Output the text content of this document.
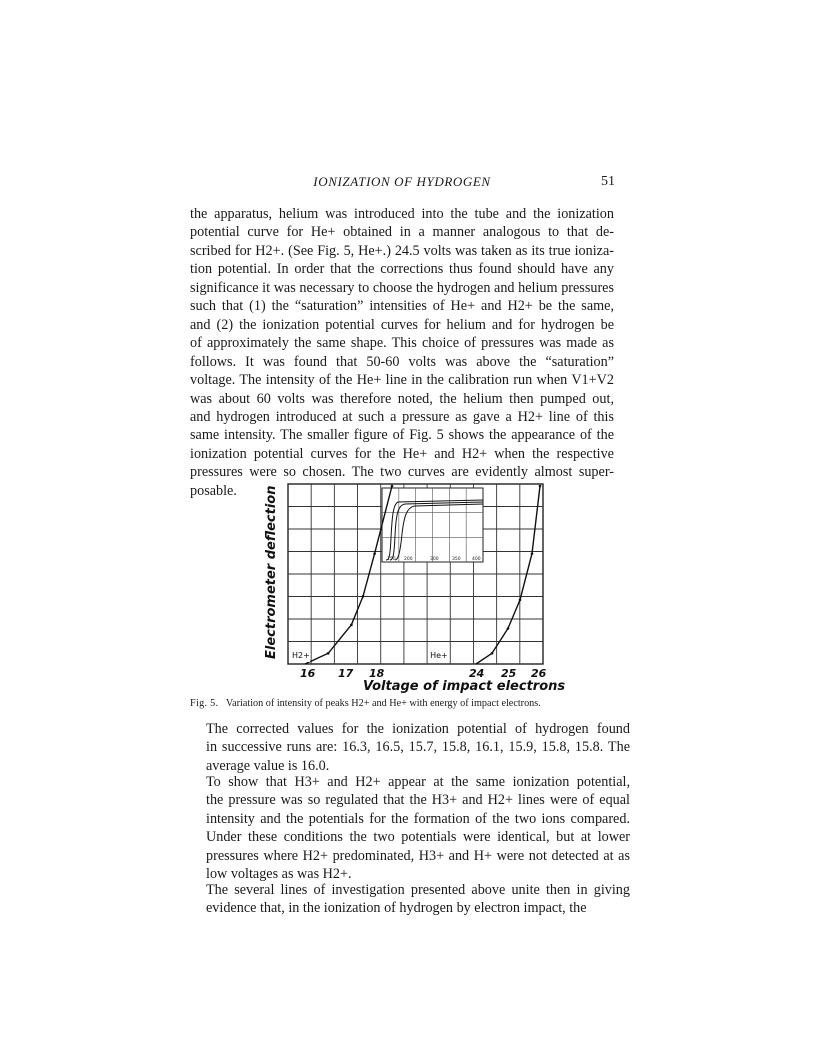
IONIZATION OF HYDROGEN	51
the apparatus, helium was introduced into the tube and the ionization
potential curve for He+ obtained in a manner analogous to that de-
scribed for H2+. (See Fig. 5, He+.) 24.5 volts was taken as its true ioniza-
tion potential. In order that the corrections thus found should have any
significance it was necessary to choose the hydrogen and helium pressures
such that (1) the “saturation” intensities of He+ and H2+ be the same,
and (2) the ionization potential curves for helium and for hydrogen be
of approximately the same shape. This choice of pressures was made as
follows. It was found that 50-60 volts was above the “saturation”
voltage. The intensity of the He+ line in the calibration run when V1+V2
was about 60 volts was therefore noted, the helium then pumped out,
and hydrogen introduced at such a pressure as gave a H2+ line of this
same intensity. The smaller figure of Fig. 5 shows the appearance of the
ionization potential curves for the He+ and H2+ when the respective
pressures were so chosen. The two curves are evidently almost super-
posable.
150 200	300	350	400
Electrometer deflection H2+	He+
16 17 18	24 25 26
Voltage of impact electrons
Fig. 5. Variation of intensity of peaks H2+ and He+ with energy of impact electrons.
The corrected values for the ionization potential of hydrogen found
in successive runs are: 16.3, 16.5, 15.7, 15.8, 16.1, 15.9, 15.8, 15.8. The
average value is 16.0.
To show that H3+ and H2+ appear at the same ionization potential,
the pressure was so regulated that the H3+ and H2+ lines were of equal
intensity and the potentials for the formation of the two ions compared.
Under these conditions the two potentials were identical, but at lower
pressures where H2+ predominated, H3+ and H+ were not detected at as
low voltages as was H2+.
The several lines of investigation presented above unite then in giving
evidence that, in the ionization of hydrogen by electron impact, the
